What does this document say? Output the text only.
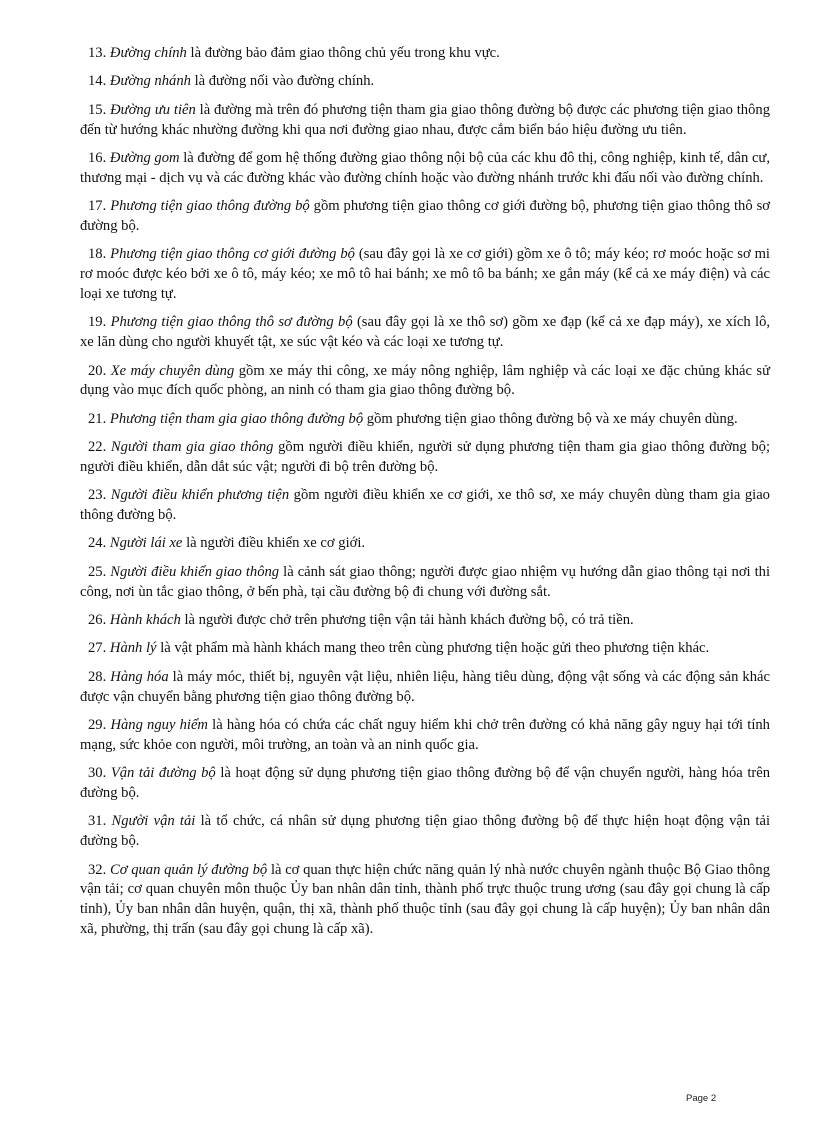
13. Đường chính là đường bảo đảm giao thông chủ yếu trong khu vực.

14. Đường nhánh là đường nối vào đường chính.

15. Đường ưu tiên là đường mà trên đó phương tiện tham gia giao thông đường bộ được các phương tiện giao thông đến từ hướng khác nhường đường khi qua nơi đường giao nhau, được cắm biển báo hiệu đường ưu tiên.

16. Đường gom là đường để gom hệ thống đường giao thông nội bộ của các khu đô thị, công nghiệp, kinh tế, dân cư, thương mại - dịch vụ và các đường khác vào đường chính hoặc vào đường nhánh trước khi đấu nối vào đường chính.

17. Phương tiện giao thông đường bộ gồm phương tiện giao thông cơ giới đường bộ, phương tiện giao thông thô sơ đường bộ.

18. Phương tiện giao thông cơ giới đường bộ (sau đây gọi là xe cơ giới) gồm xe ô tô; máy kéo; rơ moóc hoặc sơ mi rơ moóc được kéo bởi xe ô tô, máy kéo; xe mô tô hai bánh; xe mô tô ba bánh; xe gắn máy (kể cả xe máy điện) và các loại xe tương tự.

19. Phương tiện giao thông thô sơ đường bộ (sau đây gọi là xe thô sơ) gồm xe đạp (kể cả xe đạp máy), xe xích lô, xe lăn dùng cho người khuyết tật, xe súc vật kéo và các loại xe tương tự.

20. Xe máy chuyên dùng gồm xe máy thi công, xe máy nông nghiệp, lâm nghiệp và các loại xe đặc chủng khác sử dụng vào mục đích quốc phòng, an ninh có tham gia giao thông đường bộ.

21. Phương tiện tham gia giao thông đường bộ gồm phương tiện giao thông đường bộ và xe máy chuyên dùng.

22. Người tham gia giao thông gồm người điều khiển, người sử dụng phương tiện tham gia giao thông đường bộ; người điều khiển, dẫn dắt súc vật; người đi bộ trên đường bộ.

23. Người điều khiển phương tiện gồm người điều khiển xe cơ giới, xe thô sơ, xe máy chuyên dùng tham gia giao thông đường bộ.

24. Người lái xe là người điều khiển xe cơ giới.

25. Người điều khiển giao thông là cảnh sát giao thông; người được giao nhiệm vụ hướng dẫn giao thông tại nơi thi công, nơi ùn tắc giao thông, ở bến phà, tại cầu đường bộ đi chung với đường sắt.

26. Hành khách là người được chở trên phương tiện vận tải hành khách đường bộ, có trả tiền.

27. Hành lý là vật phẩm mà hành khách mang theo trên cùng phương tiện hoặc gửi theo phương tiện khác.

28. Hàng hóa là máy móc, thiết bị, nguyên vật liệu, nhiên liệu, hàng tiêu dùng, động vật sống và các động sản khác được vận chuyển bằng phương tiện giao thông đường bộ.

29. Hàng nguy hiểm là hàng hóa có chứa các chất nguy hiểm khi chở trên đường có khả năng gây nguy hại tới tính mạng, sức khỏe con người, môi trường, an toàn và an ninh quốc gia.

30. Vận tải đường bộ là hoạt động sử dụng phương tiện giao thông đường bộ để vận chuyển người, hàng hóa trên đường bộ.

31. Người vận tải là tổ chức, cá nhân sử dụng phương tiện giao thông đường bộ để thực hiện hoạt động vận tải đường bộ.

32. Cơ quan quản lý đường bộ là cơ quan thực hiện chức năng quản lý nhà nước chuyên ngành thuộc Bộ Giao thông vận tải; cơ quan chuyên môn thuộc Ủy ban nhân dân tỉnh, thành phố trực thuộc trung ương (sau đây gọi chung là cấp tỉnh), Ủy ban nhân dân huyện, quận, thị xã, thành phố thuộc tỉnh (sau đây gọi chung là cấp huyện); Ủy ban nhân dân xã, phường, thị trấn (sau đây gọi chung là cấp xã).

Page 2
